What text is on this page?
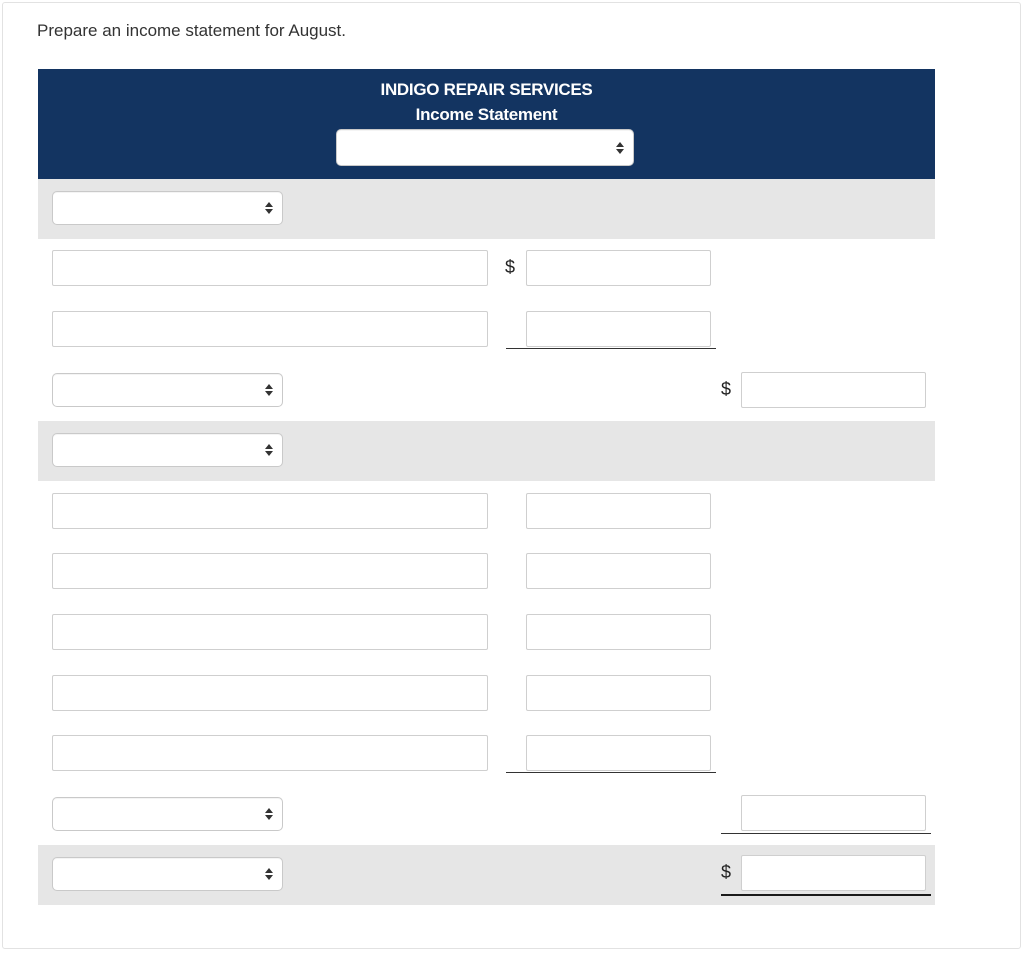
Prepare an income statement for August.
INDIGO REPAIR SERVICES
Income Statement
$
$
$
